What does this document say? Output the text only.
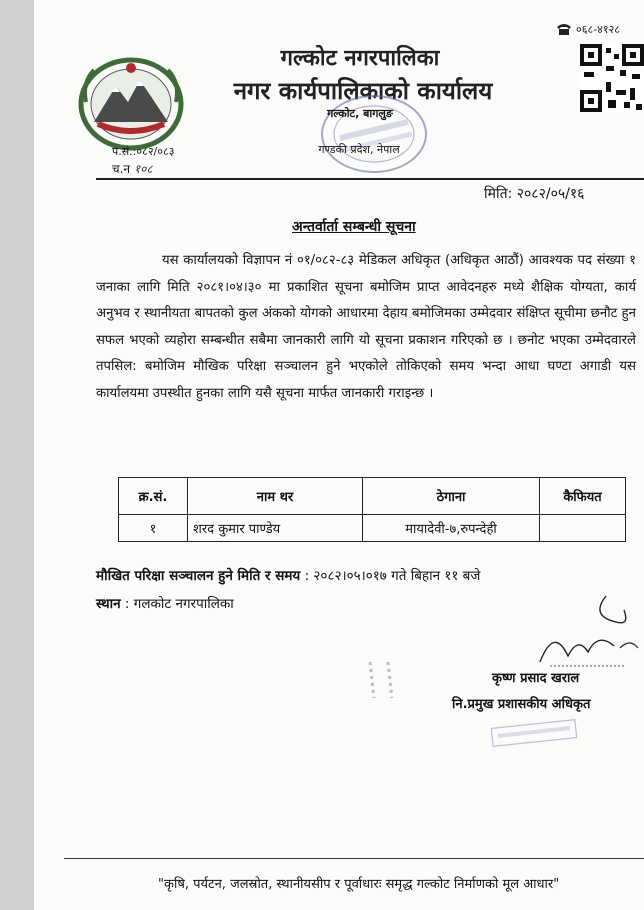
गल्कोट नगरपालिका
नगर कार्यपालिकाको कार्यालय
गल्कोट, बागलुङ
गण्डकी प्रदेश, नेपाल
प.सं.:०८२/०८३
च.न १०८
०६८-४१२८
मिति: २०८२/०५/१६
अन्तर्वार्ता सम्बन्धी सूचना
यस कार्यालयको विज्ञापन नं ०१/०८२-८३ मेडिकल अधिकृत (अधिकृत आठौं) आवश्यक पद संख्या १ जनाका लागि मिति २०८१।०४।३० मा प्रकाशित सूचना बमोजिम प्राप्त आवेदनहरु मध्ये शैक्षिक योग्यता, कार्य अनुभव र स्थानीयता बापतको कुल अंकको योगको आधारमा देहाय बमोजिमका उम्मेदवार संक्षिप्त सूचीमा छनौट हुन सफल भएको व्यहोरा सम्बन्धीत सबैमा जानकारी लागि यो सूचना प्रकाशन गरिएको छ । छनोट भएका उम्मेदवारले तपसिल: बमोजिम मौखिक परिक्षा सञ्चालन हुने भएकोले तोकिएको समय भन्दा आधा घण्टा अगाडी यस कार्यालयमा उपस्थीत हुनका लागि यसै सूचना मार्फत जानकारी गराइन्छ ।
क्र.सं.	नाम थर	ठेगाना	कैफियत
१	शरद कुमार पाण्डेय	मायादेवी-७,रुपन्देही	
मौखित परिक्षा सञ्चालन हुने मिति र समय : २०८२।०५।०१७ गते बिहान ११ बजे
स्थान : गलकोट नगरपालिका
कृष्ण प्रसाद खराल
नि.प्रमुख प्रशासकीय अधिकृत
"कृषि, पर्यटन, जलस्रोत, स्थानीयसीप र पूर्वाधारः समृद्ध गल्कोट निर्माणको मूल आधार"
